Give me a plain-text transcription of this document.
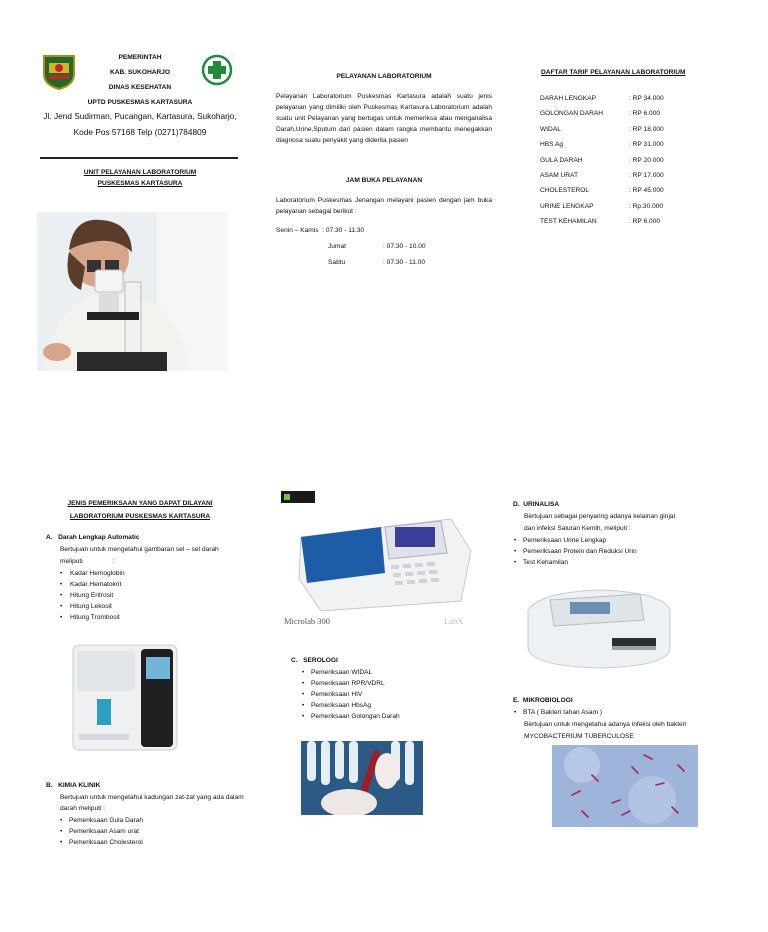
PEMERINTAH
KAB. SUKOHARJO
DINAS KESEHATAN
UPTD PUSKESMAS KARTASURA
Jl. Jend Sudirman, Pucangan, Kartasura, Sukoharjo,
Kode Pos 57168 Telp (0271)784809
UNIT PELAYANAN LABORATORIUM
PUSKESMAS KARTASURA
PELAYANAN LABORATORIUM
Pelayanan Laboratorium Puskesmas Kartasura adalah suatu jenis pelayanan yang dimiliki oleh Puskesmas Kartasura.Laboratorium adalah suatu unit Pelayanan yang bertugas untuk memeriksa atau menganalisa Darah,Urine,Sputum dari pasien dalam rangka membantu menegakkan diagnosa suatu penyakit yang diderita pasien
JAM BUKA PELAYANAN
Laboratorium Puskesmas Jenangan melayani pasien dengan jam buka pelayanan sebagai berikut :
Senin – Kamis : 07.30 - 11.30
Jumat	: 07.30 - 10.00
Sabtu	: 07.30 - 11.00
DAFTAR TARIF PELAYANAN LABORATORIUM
DARAH LENGKAP	: RP 34.000
GOLONGAN DARAH	: RP 6.000
WIDAL	: RP 18.000
HBS Ag	: RP 31.000
GULA DARAH	: RP 20.000
ASAM URAT	: RP 17.000
CHOLESTEROL	: RP 45.000
URINE LENGKAP	: Rp.30.000
TEST KEHAMILAN	: RP 6.000
JENIS PEMERIKSAAN YANG DAPAT DILAYANI
LABORATORIUM PUSKESMAS KARTASURA
A.   Darah Lengkap Automatic
Bertujuan untuk mengetahui gambaran sel – sel darah
meliputi :
• Kadar Hemoglobin
• Kadar Hematokrit
• Hitung Eritrosit
• Hitung Lekosit
• Hitung Trombosit
B.   KIMIA KLINIK
Bertujuan untuk mengetahui kadungan zat-zat yang ada dalam darah meliputi :
• Pemeriksaan Gula Darah
• Pemeriksaan Asam urat
• Pemeriksaan Cholesterol
Microlab 300	LabX
C.   SEROLOGI
• Pemeriksaan WIDAL
• Pemeriksaan RPR/VDRL
• Pemeriksaan HIV
• Pemeriksaan HbsAg
• Pemeriksaan Golongan Darah
D.  URINALISA
Bertujuan sebagai penyaring adanya kelainan ginjal
dan infeksi Saluran Kemih, meliputi :
• Pemeriksaan Urine Lengkap
• Pemeriksaan Protein dan Reduksi Urin
• Test Kehamilan
E.  MIKROBIOLOGI
• BTA ( Bakteri tahan Asam )
Bertujuan untuk mengetahui adanya infeksi oleh bakteri
MYCOBACTERIUM TUBERCULOSE
